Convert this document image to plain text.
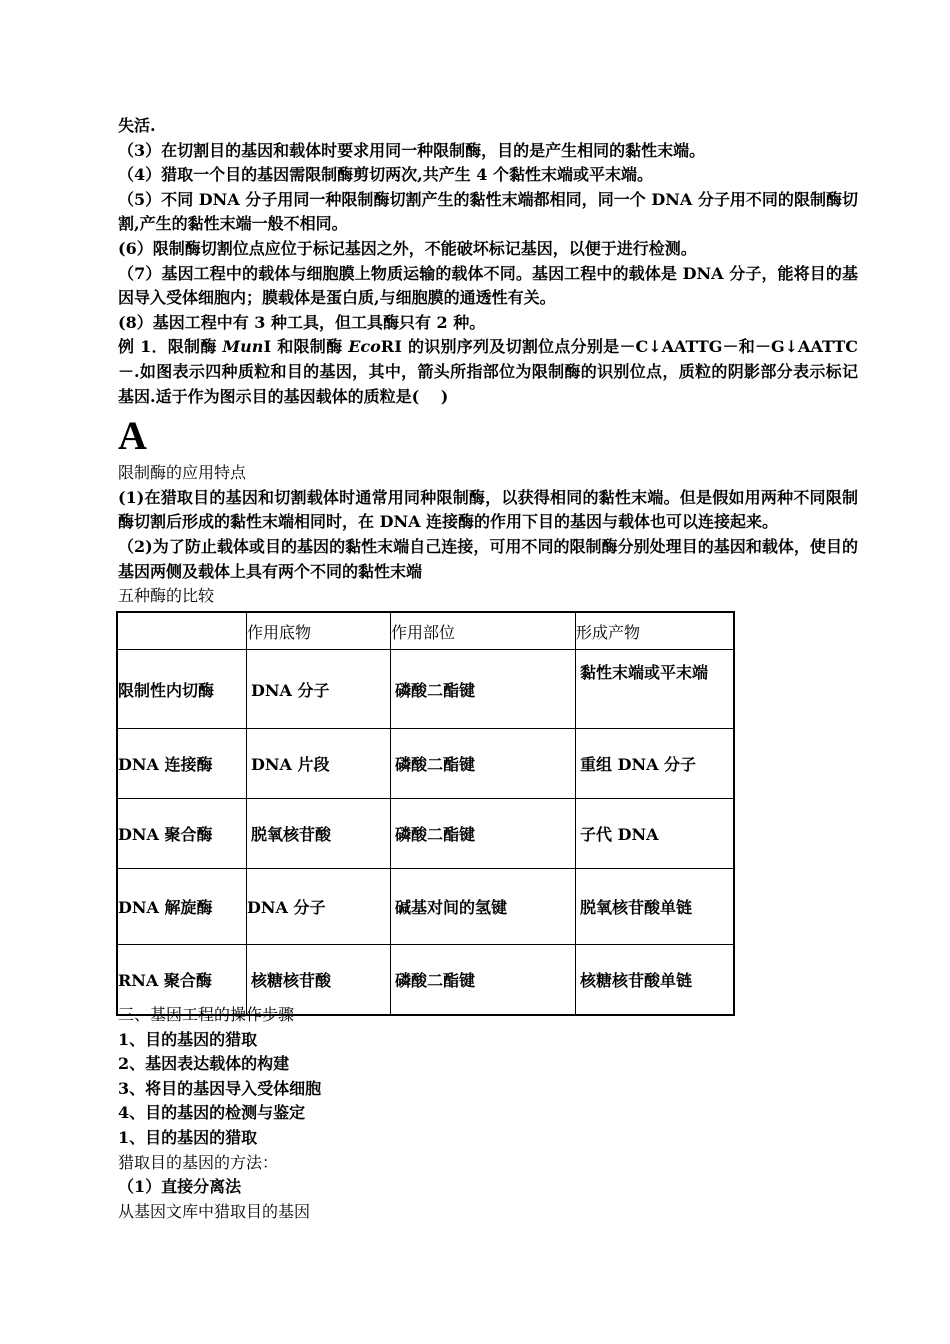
失活.

（3）在切割目的基因和载体时要求用同一种限制酶，目的是产生相同的黏性末端。

（4）猎取一个目的基因需限制酶剪切两次,共产生 4 个黏性末端或平末端。

（5）不同 DNA 分子用同一种限制酶切割产生的黏性末端都相同，同一个 DNA 分子用不同的限制酶切割,产生的黏性末端一般不相同。

(6）限制酶切割位点应位于标记基因之外，不能破坏标记基因，以便于进行检测。

（7）基因工程中的载体与细胞膜上物质运输的载体不同。基因工程中的载体是 DNA 分子，能将目的基因导入受体细胞内；膜载体是蛋白质,与细胞膜的通透性有关。

(8）基因工程中有 3 种工具，但工具酶只有 2 种。

例 1．限制酶 MunⅠ 和限制酶 EcoRⅠ 的识别序列及切割位点分别是－C↓AATTG－和－G↓AATTC－.如图表示四种质粒和目的基因，其中，箭头所指部位为限制酶的识别位点，质粒的阴影部分表示标记基因.适于作为图示目的基因载体的质粒是(　 )

A

限制酶的应用特点

(1)在猎取目的基因和切割载体时通常用同种限制酶，以获得相同的黏性末端。但是假如用两种不同限制酶切割后形成的黏性末端相同时，在 DNA 连接酶的作用下目的基因与载体也可以连接起来。

（2)为了防止载体或目的基因的黏性末端自己连接，可用不同的限制酶分别处理目的基因和载体，使目的基因两侧及载体上具有两个不同的黏性末端

五种酶的比较

	作用底物	作用部位	形成产物
限制性内切酶	DNA 分子	磷酸二酯键	黏性末端或平末端
DNA 连接酶	DNA 片段	磷酸二酯键	重组 DNA 分子
DNA 聚合酶	脱氧核苷酸	磷酸二酯键	子代 DNA
DNA 解旋酶	DNA 分子	碱基对间的氢键	脱氧核苷酸单链
RNA 聚合酶	核糖核苷酸	磷酸二酯键	核糖核苷酸单链

三、基因工程的操作步骤

1、目的基因的猎取

2、基因表达载体的构建

3、将目的基因导入受体细胞

4、目的基因的检测与鉴定

1、目的基因的猎取

猎取目的基因的方法：

（1）直接分离法

从基因文库中猎取目的基因
